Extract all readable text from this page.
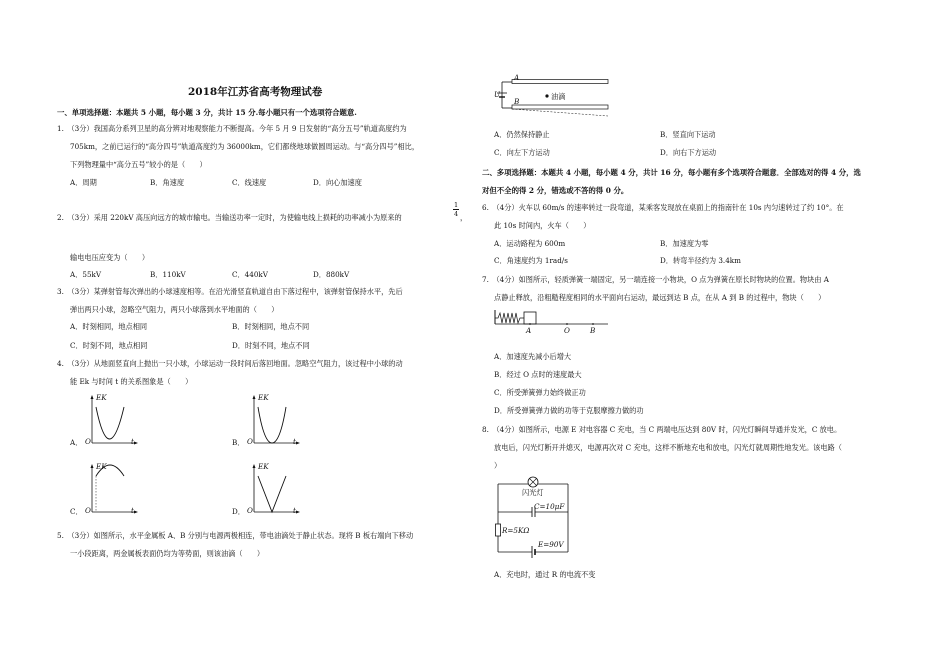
2018年江苏省高考物理试卷
一、单项选择题：本题共 5 小题，每小题 3 分，共计 15 分.每小题只有一个选项符合题意.
1.　（3分）我国高分系列卫星的高分辨对地观察能力不断提高。今年 5 月 9 日发射的“高分五号”轨道高度约为
705km，之前已运行的“高分四号”轨道高度约为 36000km，它们都绕地球做圆周运动。与“高分四号”相比，
下列物理量中“高分五号”较小的是（　　）
A．周期	B．角速度	C．线速度	D．向心加速度
2.　（3分）采用 220kV 高压向远方的城市输电。当输送功率一定时，为使输电线上损耗的功率减小为原来的
1
4 ，
输电电压应变为（　　）
A．55kV	B．110kV	C．440kV	D．880kV
3.　（3分）某弹射管每次弹出的小球速度相等。在沿光滑竖直轨道自由下落过程中，该弹射管保持水平，先后
弹出两只小球，忽略空气阻力，两只小球落到水平地面的（　　）
A．时刻相同，地点相同	B．时刻相同，地点不同
C．时刻不同，地点相同	D．时刻不同，地点不同
4.　（3分）从地面竖直向上抛出一只小球，小球运动一段时间后落回地面。忽略空气阻力，该过程中小球的动
能 Ek 与时间 t 的关系图象是（　　）
A．
EK
O	t	B．
EK
O	t
C．
EK
O	t	D．
EK
O	t
5.　（3分）如图所示，水平金属板 A、B 分别与电源两极相连，带电油滴处于静止状态。现将 B 板右端向下移动
一小段距离，两金属板表面仍均为等势面，则该油滴（　　）
A
B
U	油滴
A．仍然保持静止	B．竖直向下运动
C．向左下方运动	D．向右下方运动
二、多项选择题：本题共 4 小题，每小题 4 分，共计 16 分，每小题有多个选项符合题意．全部选对的得 4 分，选
对但不全的得 2 分，错选或不答的得 0 分。
6.　（4分）火车以 60m/s 的速率转过一段弯道，某乘客发现放在桌面上的指南针在 10s 内匀速转过了约 10°。在
此 10s 时间内，火车（　　）
A．运动路程为 600m	B．加速度为零
C．角速度约为 1rad/s	D．转弯半径约为 3.4km
7.　（4分）如图所示，轻质弹簧一端固定，另一端连接一小物块，O 点为弹簧在原长时物块的位置。物块由 A
点静止释放，沿粗糙程度相同的水平面向右运动，最远到达 B 点，在从 A 到 B 的过程中，物块（　　）
A	O	B
A．加速度先减小后增大
B．经过 O 点时的速度最大
C．所受弹簧弹力始终做正功
D．所受弹簧弹力做的功等于克服摩擦力做的功
8.　（4分）如图所示，电源 E 对电容器 C 充电，当 C 两端电压达到 80V 时，闪光灯瞬间导通并发光，C 放电。
放电后，闪光灯断开并熄灭，电源再次对 C 充电，这样不断地充电和放电，闪光灯就周期性地发光。该电路（
）
闪光灯
C=10μF
R=5KΩ
E=90V
A．充电时，通过 R 的电流不变
